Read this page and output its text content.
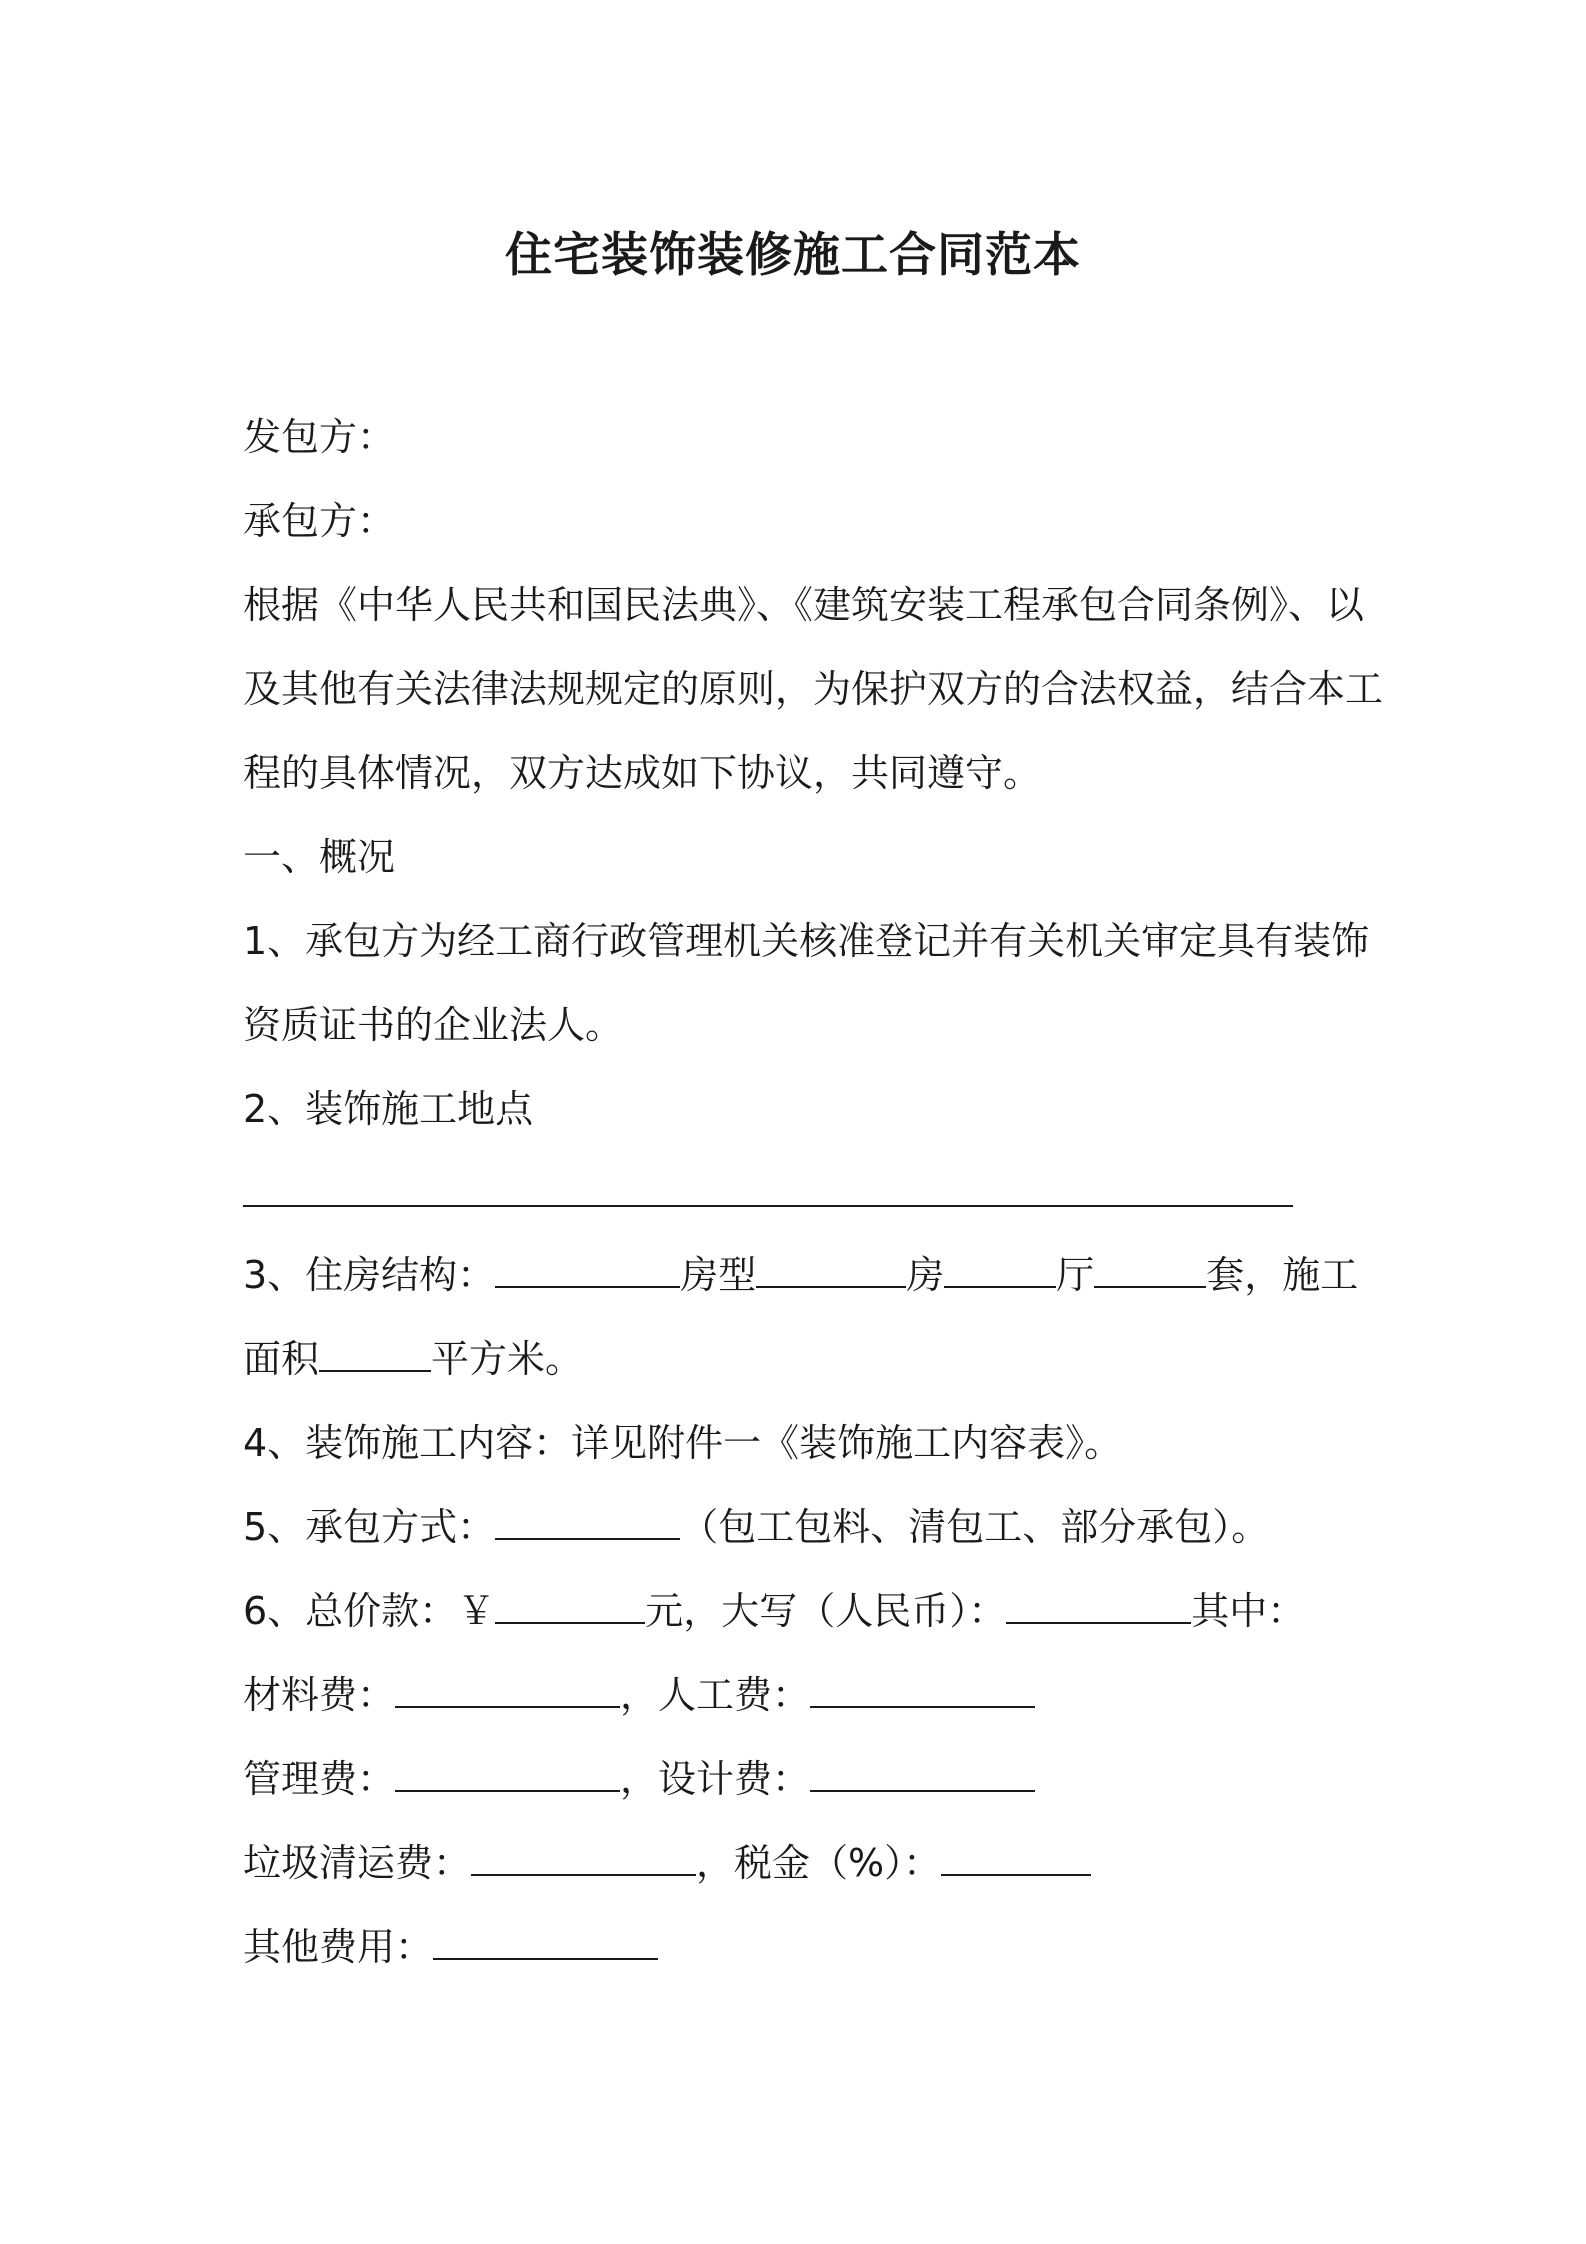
住宅装饰装修施工合同范本
发包方：
承包方：
根据《中华人民共和国民法典》、《建筑安装工程承包合同条例》、以
及其他有关法律法规规定的原则，为保护双方的合法权益，结合本工
程的具体情况，双方达成如下协议，共同遵守。
一、概况
1、承包方为经工商行政管理机关核准登记并有关机关审定具有装饰
资质证书的企业法人。
2、装饰施工地点
3、住房结构：	房型	房	厅	套，施工
面积	平方米。
4、装饰施工内容：详见附件一《装饰施工内容表》。
5、承包方式：	（包工包料、清包工、部分承包）。
6、总价款：￥	元，大写（人民币）：	其中：
材料费：	，人工费：
管理费：	，设计费：
垃圾清运费：	，税金（%）：
其他费用：
